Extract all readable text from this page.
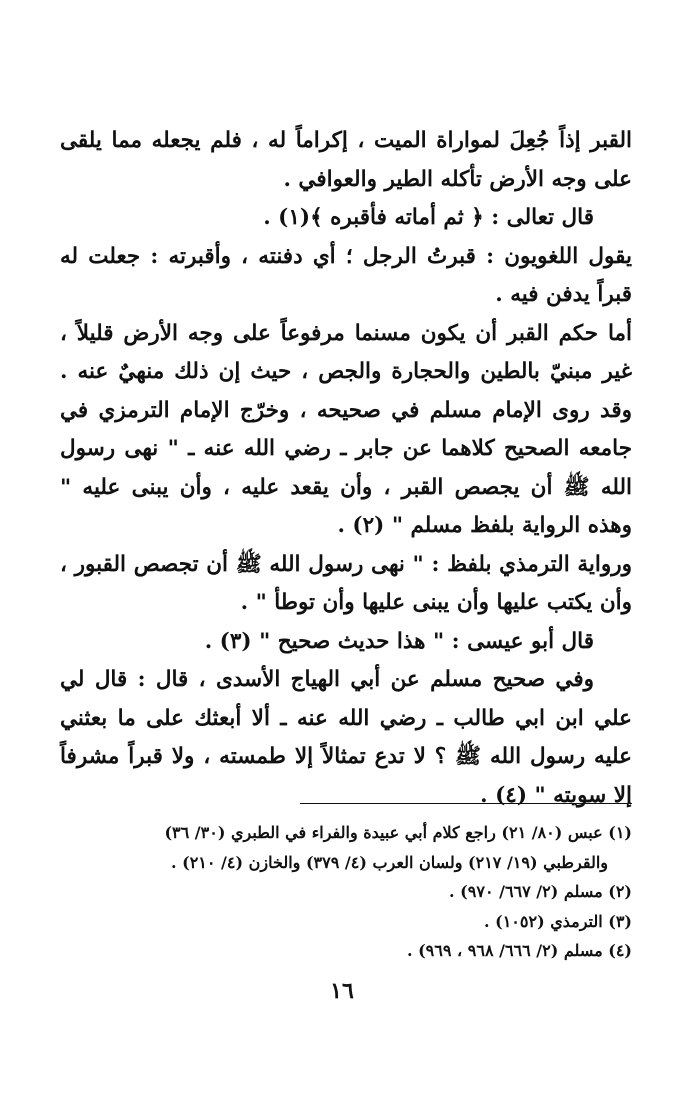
القبر إذاً جُعِلَ لمواراة الميت ، إكراماً له ، فلم يجعله مما يلقى على وجه الأرض تأكله الطير والعوافي .

قال تعالى : ﴿ ثم أماته فأقبره ﴾(١) .

يقول اللغويون : قبرتُ الرجل ؛ أي دفنته ، وأقبرته : جعلت له قبراً يدفن فيه .

أما حكم القبر أن يكون مسنما مرفوعاً على وجه الأرض قليلاً ، غير مبنيّ بالطين والحجارة والجص ، حيث إن ذلك منهيٌ عنه . وقد روى الإمام مسلم في صحيحه ، وخرّج الإمام الترمزي في جامعه الصحيح كلاهما عن جابر ـ رضي الله عنه ـ " نهى رسول الله ﷺ أن يجصص القبر ، وأن يقعد عليه ، وأن يبنى عليه " وهذه الرواية بلفظ مسلم " (٢) .

ورواية الترمذي بلفظ : " نهى رسول الله ﷺ أن تجصص القبور ، وأن يكتب عليها وأن يبنى عليها وأن توطأ " .

قال أبو عيسى : " هذا حديث صحيح " (٣) .

وفي صحيح مسلم عن أبي الهياج الأسدى ، قال : قال لي علي ابن ابي طالب ـ رضي الله عنه ـ ألا أبعثك على ما بعثني عليه رسول الله ﷺ ؟ لا تدع تمثالاً إلا طمسته ، ولا قبراً مشرفاً إلا سويته " (٤) .

(١) عبس (٨٠/ ٢١) راجع كلام أبي عبيدة والفراء في الطبري (٣٠/ ٣٦)

والقرطبي (١٩/ ٢١٧) ولسان العرب (٤/ ٣٧٩) والخازن (٤/ ٢١٠) .

(٢) مسلم (٢/ ٦٦٧/ ٩٧٠) .

(٣) الترمذي (١٠٥٢) .

(٤) مسلم (٢/ ٦٦٦/ ٩٦٨ ، ٩٦٩) .

١٦
